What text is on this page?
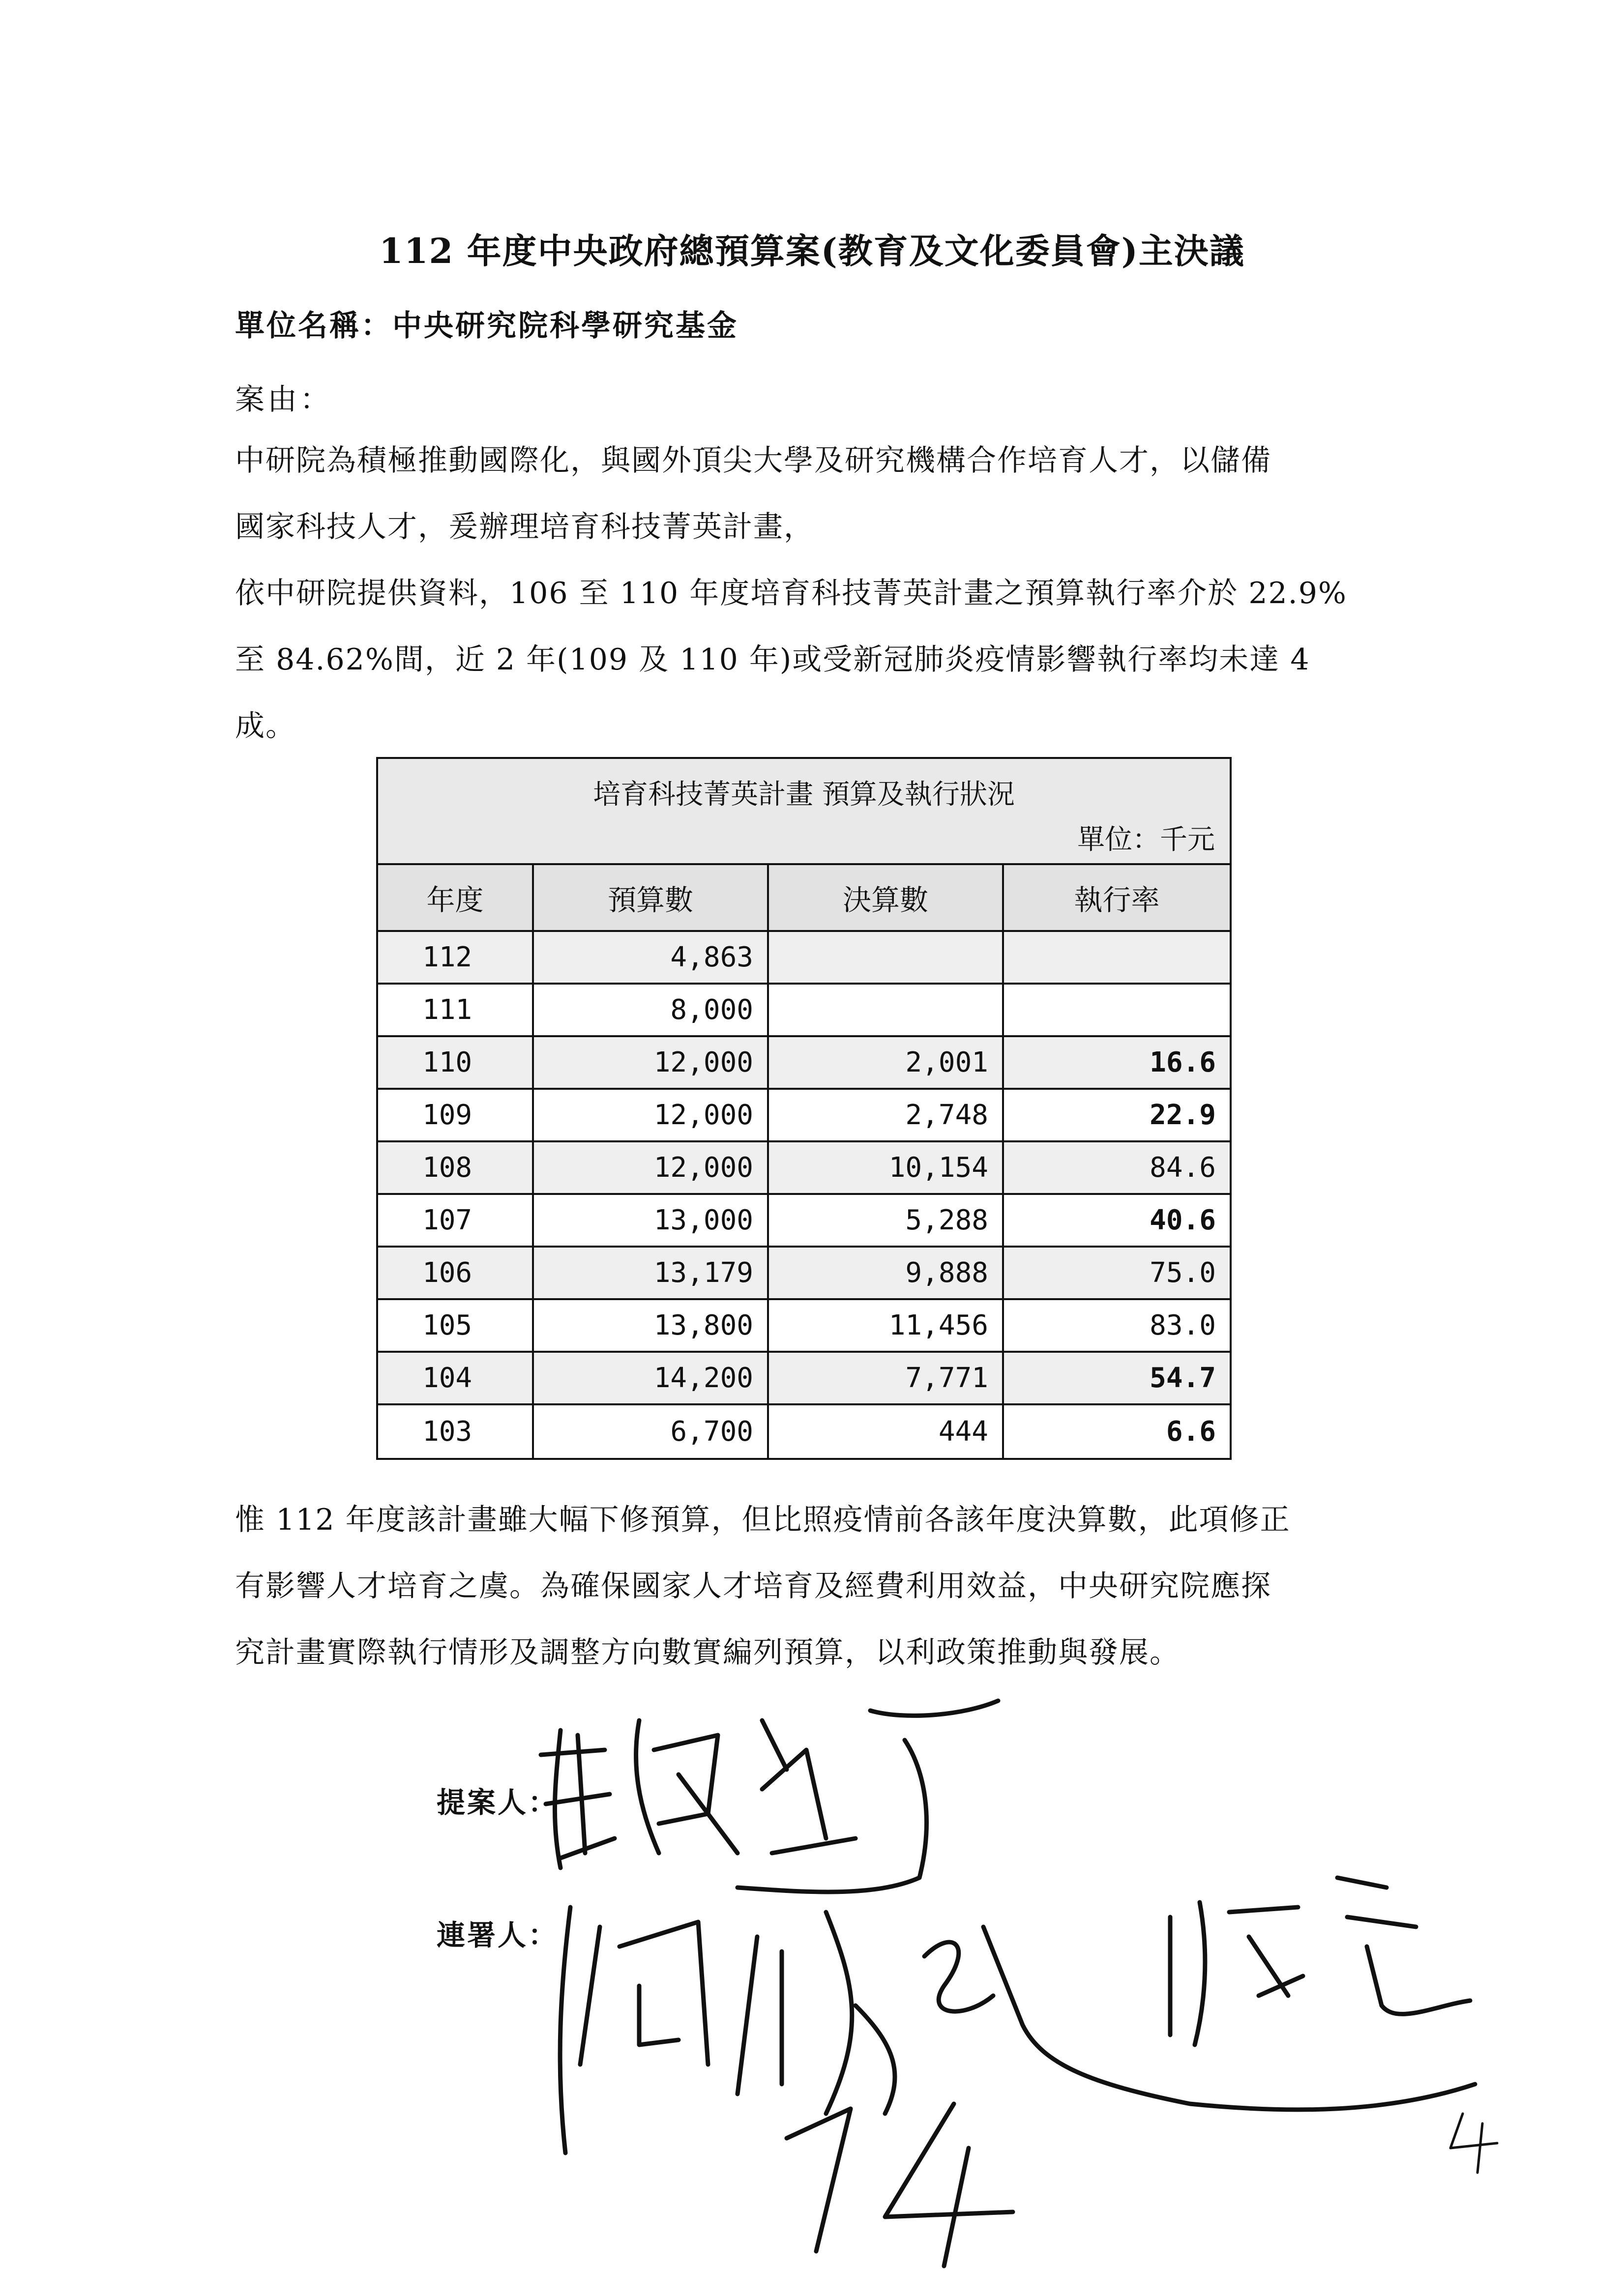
112 年度中央政府總預算案(教育及文化委員會)主決議
單位名稱：中央研究院科學研究基金
案由：

中研院為積極推動國際化，與國外頂尖大學及研究機構合作培育人才，以儲備

國家科技人才，爰辦理培育科技菁英計畫，

依中研院提供資料，106 至 110 年度培育科技菁英計畫之預算執行率介於 22.9%

至 84.62%間，近 2 年(109 及 110 年)或受新冠肺炎疫情影響執行率均未達 4

成。

培育科技菁英計畫 預算及執行狀況
單位：千元
年度	預算數	決算數	執行率
112	4,863
111	8,000
110	12,000	2,001	16.6
109	12,000	2,748	22.9
108	12,000	10,154	84.6
107	13,000	5,288	40.6
106	13,179	9,888	75.0
105	13,800	11,456	83.0
104	14,200	7,771	54.7
103	6,700	444	6.6

惟 112 年度該計畫雖大幅下修預算，但比照疫情前各該年度決算數，此項修正

有影響人才培育之虞。為確保國家人才培育及經費利用效益，中央研究院應探

究計畫實際執行情形及調整方向數實編列預算，以利政策推動與發展。

提案人：
連署人：
